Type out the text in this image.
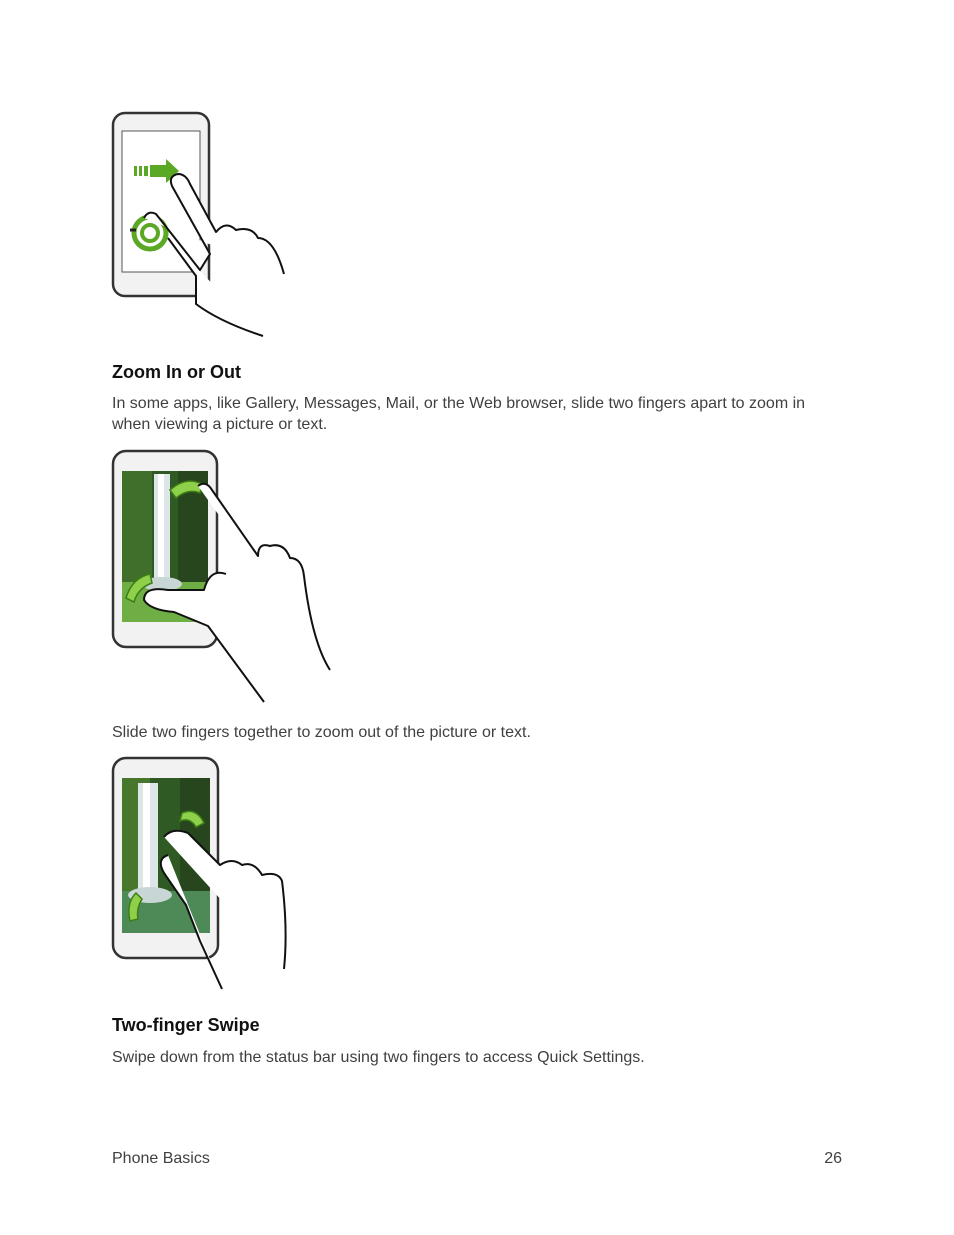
Zoom In or Out

In some apps, like Gallery, Messages, Mail, or the Web browser, slide two fingers apart to zoom in when viewing a picture or text.

Slide two fingers together to zoom out of the picture or text.

Two-finger Swipe

Swipe down from the status bar using two fingers to access Quick Settings.

Phone Basics	26
